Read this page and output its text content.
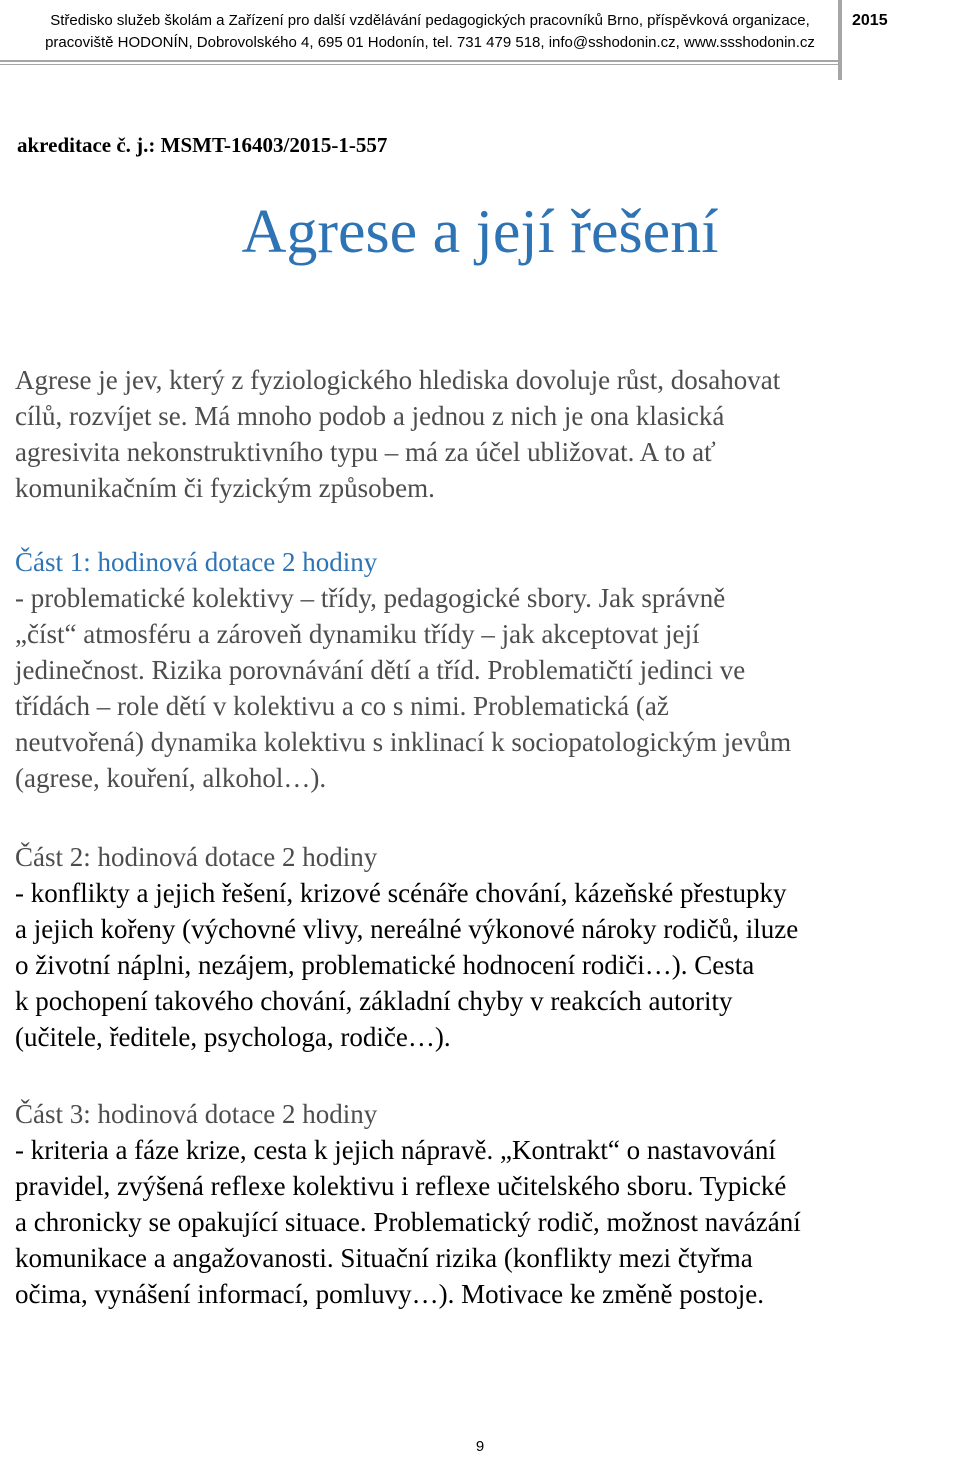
Středisko služeb školám a Zařízení pro další vzdělávání pedagogických pracovníků Brno, příspěvková organizace,
pracoviště HODONÍN, Dobrovolského 4, 695 01 Hodonín, tel. 731 479 518, info@sshodonin.cz, www.ssshodonin.cz
2015
akreditace č. j.: MSMT-16403/2015-1-557
Agrese a její řešení
Agrese je jev, který z fyziologického hlediska dovoluje růst, dosahovat
cílů, rozvíjet se. Má mnoho podob a jednou z nich je ona klasická
agresivita nekonstruktivního typu – má za účel ubližovat. A to ať
komunikačním či fyzickým způsobem.
Část 1: hodinová dotace 2 hodiny
- problematické kolektivy – třídy, pedagogické sbory. Jak správně
„číst“ atmosféru a zároveň dynamiku třídy – jak akceptovat její
jedinečnost. Rizika porovnávání dětí a tříd. Problematičtí jedinci ve
třídách – role dětí v kolektivu a co s nimi. Problematická (až
neutvořená) dynamika kolektivu s inklinací k sociopatologickým jevům
(agrese, kouření, alkohol…).
Část 2: hodinová dotace 2 hodiny
- konflikty a jejich řešení, krizové scénáře chování, kázeňské přestupky
a jejich kořeny (výchovné vlivy, nereálné výkonové nároky rodičů, iluze
o životní náplni, nezájem, problematické hodnocení rodiči…). Cesta
k pochopení takového chování, základní chyby v reakcích autority
(učitele, ředitele, psychologa, rodiče…).
Část 3: hodinová dotace 2 hodiny
- kriteria a fáze krize, cesta k jejich nápravě. „Kontrakt“ o nastavování
pravidel, zvýšená reflexe kolektivu i reflexe učitelského sboru. Typické
a chronicky se opakující situace. Problematický rodič, možnost navázání
komunikace a angažovanosti. Situační rizika (konflikty mezi čtyřma
očima, vynášení informací, pomluvy…). Motivace ke změně postoje.
9
